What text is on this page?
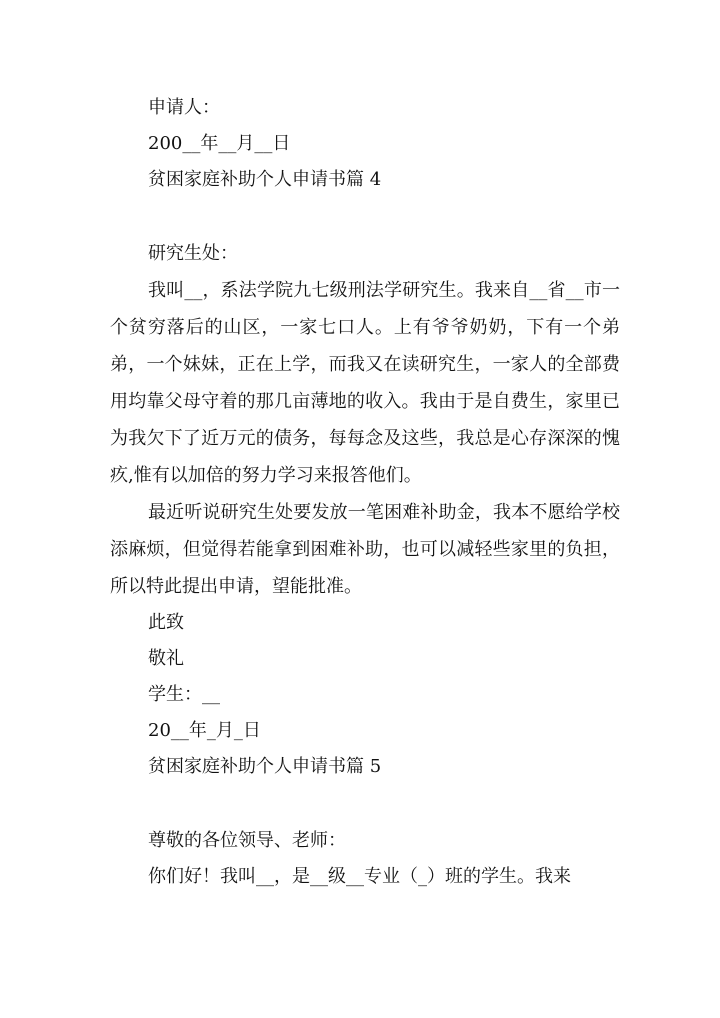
申请人：
200__年__月__日
贫困家庭补助个人申请书篇 4
研究生处：

我叫__，系法学院九七级刑法学研究生。我来自__省__市一个贫穷落后的山区，一家七口人。上有爷爷奶奶，下有一个弟弟，一个妹妹，正在上学，而我又在读研究生，一家人的全部费用均靠父母守着的那几亩薄地的收入。我由于是自费生，家里已为我欠下了近万元的债务，每每念及这些，我总是心存深深的愧疚,惟有以加倍的努力学习来报答他们。

最近听说研究生处要发放一笔困难补助金，我本不愿给学校添麻烦，但觉得若能拿到困难补助，也可以减轻些家里的负担，所以特此提出申请，望能批准。

此致
敬礼
学生：__
20__年_月_日
贫困家庭补助个人申请书篇 5
尊敬的各位领导、老师：
你们好！我叫__，是__级__专业（_）班的学生。我来
